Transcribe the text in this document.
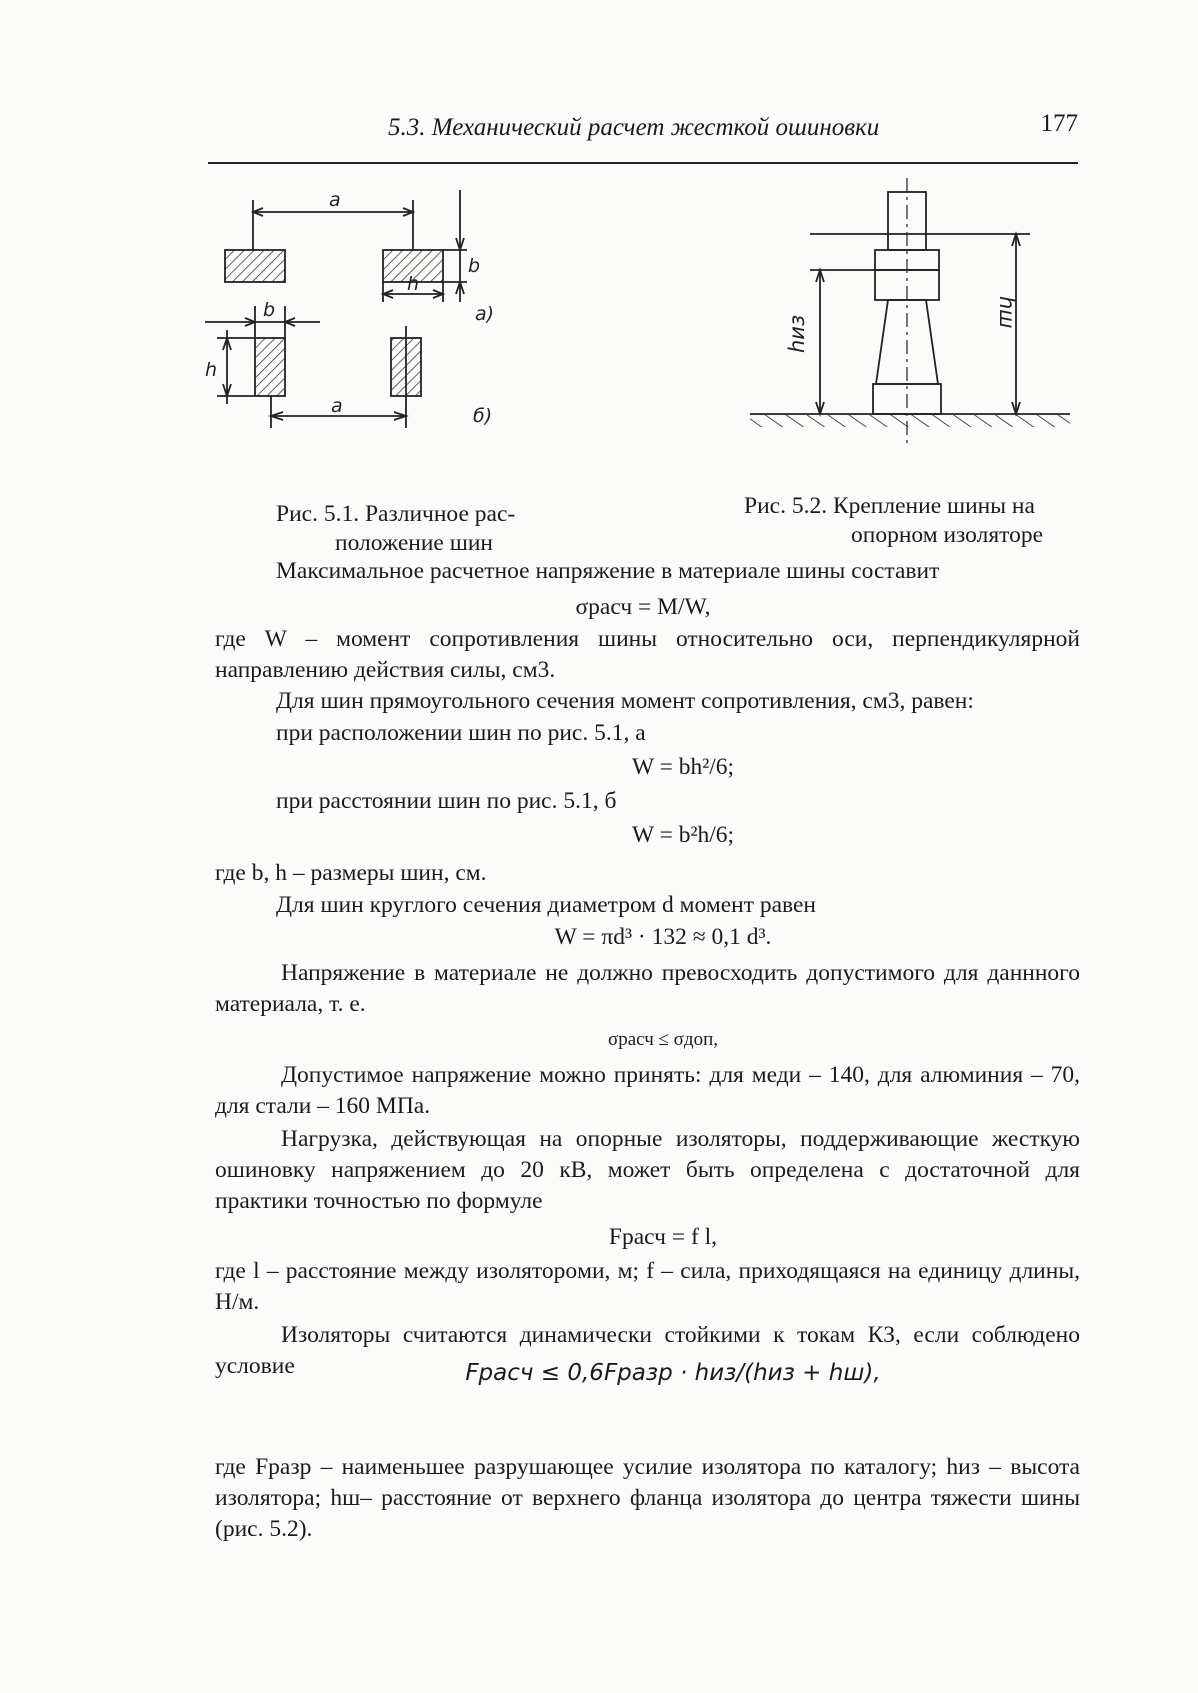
5.3. Механический расчет жесткой ошиновки	177
a
b
h
a)
b
h
a	б)
Рис. 5.1. Различное рас-
положение шин
hиз
hш
Рис. 5.2. Крепление шины на
опорном изоляторе
Максимальное расчетное напряжение в материале шины составит
σрасч = M/W,
где W – момент сопротивления шины относительно оси, перпендикулярной направлению действия силы, см3.
Для шин прямоугольного сечения момент сопротивления, см3, равен:
при расположении шин по рис. 5.1, а
W = bh²/6;
при расстоянии шин по рис. 5.1, б
W = b²h/6;
где b, h – размеры шин, см.
Для шин круглого сечения диаметром d момент равен
W = πd³ · 132 ≈ 0,1 d³.
Напряжение в материале не должно превосходить допустимого для даннного материала, т. е.
σрасч ≤ σдоп,
Допустимое напряжение можно принять: для меди – 140, для алюминия – 70, для стали – 160 МПа.
Нагрузка, действующая на опорные изоляторы, поддерживающие жесткую ошиновку напряжением до 20 кВ, может быть определена с достаточной для практики точностью по формуле
Fрасч = f l,
где l – расстояние между изоляторoми, м; f – сила, приходящаяся на единицу длины, Н/м.
Изоляторы считаются динамически стойкими к токам КЗ, если соблюдено условие	Fрасч ≤ 0,6Fразр · hиз/(hиз + hш),
где Fразр – наименьшее разрушающее усилие изолятора по каталогу; hиз – высота изолятора; hш– расстояние от верхнего фланца изолятора до центра тяжести шины (рис. 5.2).
